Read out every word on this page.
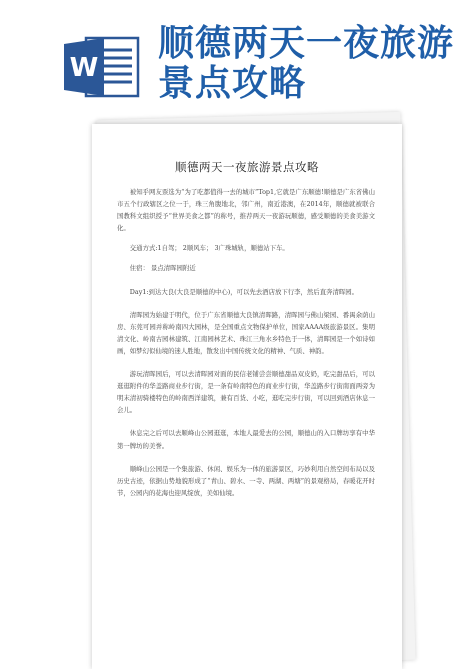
W
顺德两天一夜旅游
景点攻略
顺德两天一夜旅游景点攻略

被知乎网友票选为“为了吃都值得一去的城市”Top1,它就是广东顺德!顺德是广东省佛山市五个行政辖区之位一于，珠三角腹地北，邻广州，南近港澳，在2014年，顺德就被联合国教科文组织授予“世界美食之都”的称号，推荐两天一夜游玩顺德，感受顺德的美食美游文化。

交通方式:1自驾； 2顺风车； 3广珠城轨，顺德站下车。

住宿： 景点清晖园附近

Day1:到达大良(大良是顺德的中心)，可以先去酒店放下行李，然后直奔清晖园。

清晖园为始建于明代，位于广东省顺德大良镇清晖路，清晖园与佛山梁园、番禺余荫山房、东莞可园并称岭南四大园林，是全国重点文物保护单位，国家AAAA级旅游景区。集明清文化、岭南古园林建筑、江南园林艺术、珠江三角水乡特色于一体，清晖园是一个如诗如画，如梦幻似仙境的迷人胜地，散发出中国传统文化的精神、气质、神韵。

游玩清晖园后，可以去清晖园对面的民信老铺尝尝顺德甜品双皮奶，吃完甜品后，可以逛逛附件的华盖路商业步行街，是一条有岭南特色的商业步行街，华盖路步行街南面两旁为明末清初骑楼特色的岭南西洋建筑，兼有百货、小吃，逛吃完步行街，可以回到酒店休息一会儿。

休息完之后可以去顺峰山公园逛逛，本地人最爱去的公园，顺德山的入口牌坊享有中华第一牌坊的美誉。

顺峰山公园是一个集旅游、休闲、娱乐为一体的旅游景区，巧妙利用自然空间布局以及历史古迹，依据山势地貌形成了“青山、碧水、一寺、两湖、两塘”的景观格局，春暖花开时节，公园内的花海也迎风绽放，美如仙境。
